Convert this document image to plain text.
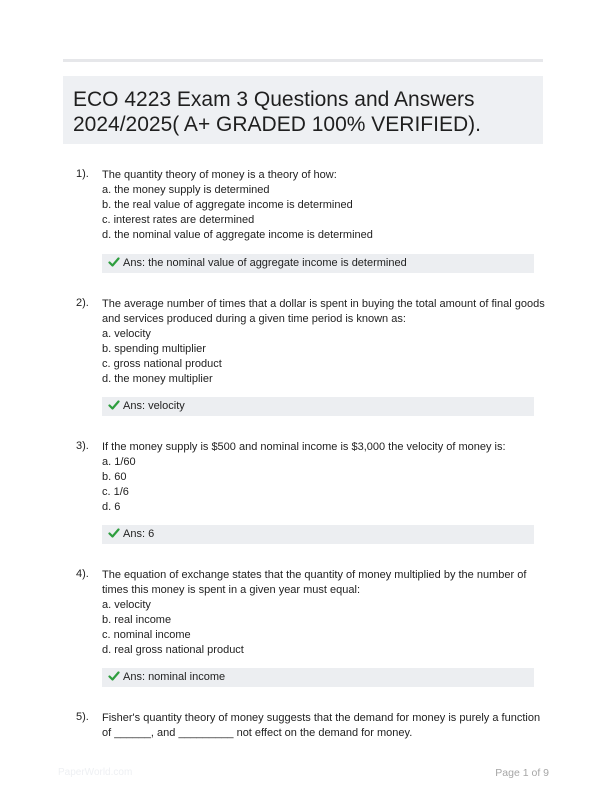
ECO 4223 Exam 3 Questions and Answers
2024/2025( A+ GRADED 100% VERIFIED).
1). The quantity theory of money is a theory of how:
a. the money supply is determined
b. the real value of aggregate income is determined
c. interest rates are determined
d. the nominal value of aggregate income is determined
Ans: the nominal value of aggregate income is determined
2). The average number of times that a dollar is spent in buying the total amount of final goods
and services produced during a given time period is known as:
a. velocity
b. spending multiplier
c. gross national product
d. the money multiplier
Ans: velocity
3). If the money supply is $500 and nominal income is $3,000 the velocity of money is:
a. 1/60
b. 60
c. 1/6
d. 6
Ans: 6
4). The equation of exchange states that the quantity of money multiplied by the number of
times this money is spent in a given year must equal:
a. velocity
b. real income
c. nominal income
d. real gross national product
Ans: nominal income
5). Fisher's quantity theory of money suggests that the demand for money is purely a function
of ______, and _________ not effect on the demand for money.
PaperWorld.com	Page 1 of 9
